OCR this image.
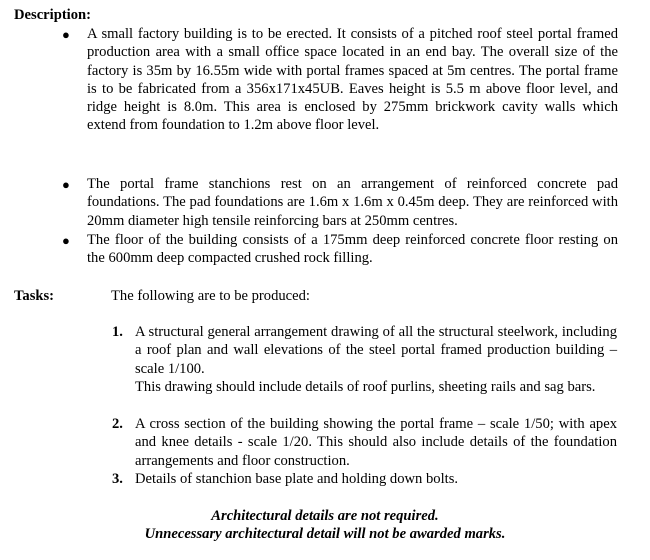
Description:
● A small factory building is to be erected. It consists of a pitched roof steel portal framed production area with a small office space located in an end bay. The overall size of the factory is 35m by 16.55m wide with portal frames spaced at 5m centres. The portal frame is to be fabricated from a 356x171x45UB. Eaves height is 5.5 m above floor level, and ridge height is 8.0m. This area is enclosed by 275mm brickwork cavity walls which extend from foundation to 1.2m above floor level.
● The portal frame stanchions rest on an arrangement of reinforced concrete pad foundations. The pad foundations are 1.6m x 1.6m x 0.45m deep. They are reinforced with 20mm diameter high tensile reinforcing bars at 250mm centres.
● The floor of the building consists of a 175mm deep reinforced concrete floor resting on the 600mm deep compacted crushed rock filling.
Tasks:	The following are to be produced:
1. A structural general arrangement drawing of all the structural steelwork, including a roof plan and wall elevations of the steel portal framed production building – scale 1/100.
This drawing should include details of roof purlins, sheeting rails and sag bars.
2. A cross section of the building showing the portal frame – scale 1/50; with apex and knee details - scale 1/20. This should also include details of the foundation arrangements and floor construction.
3. Details of stanchion base plate and holding down bolts.
Architectural details are not required.
Unnecessary architectural detail will not be awarded marks.
